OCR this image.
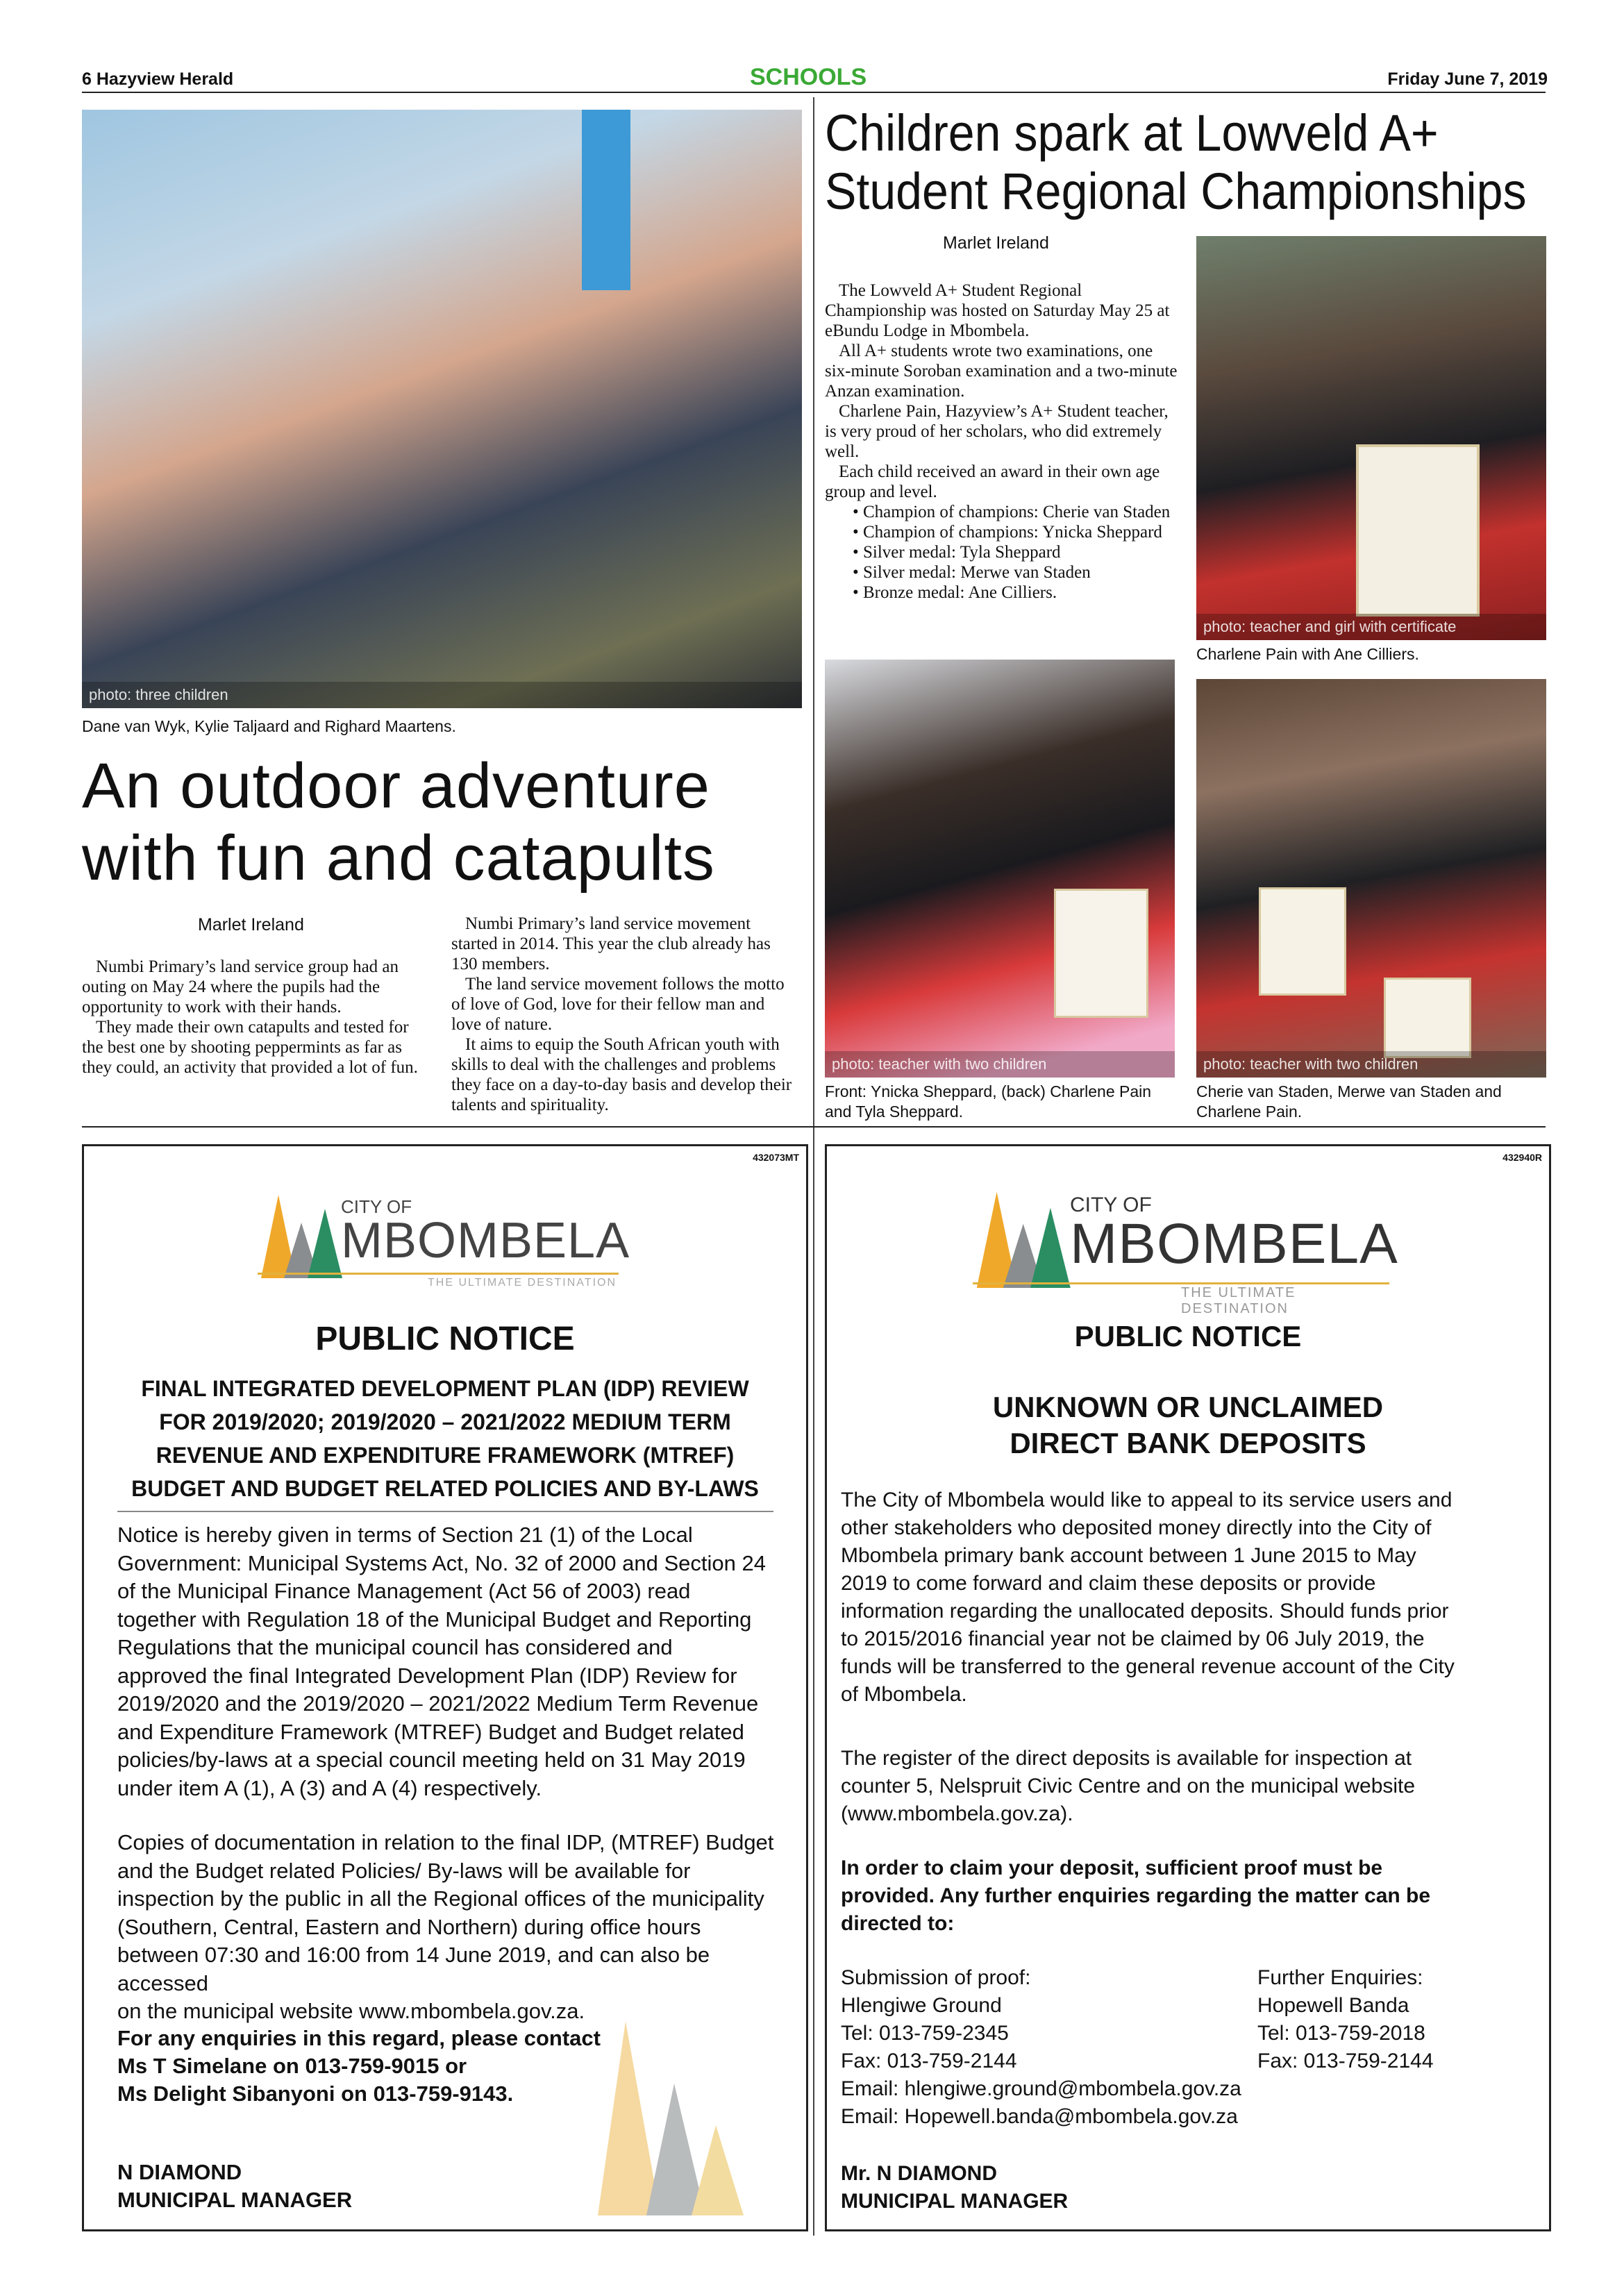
6 Hazyview Herald	SCHOOLS	Friday June 7, 2019
photo: three children
Dane van Wyk, Kylie Taljaard and Righard Maartens.
An outdoor adventure
with fun and catapults
Marlet Ireland

Numbi Primary’s land service group had an outing on May 24 where the pupils had the opportunity to work with their hands.

They made their own catapults and tested for the best one by shooting peppermints as far as they could, an activity that provided a lot of fun.

Numbi Primary’s land service movement started in 2014. This year the club already has 130 members.

The land service movement follows the motto of love of God, love for their fellow man and love of nature.

It aims to equip the South African youth with skills to deal with the challenges and problems they face on a day-to-day basis and develop their talents and spirituality.

Children spark at Lowveld A+
Student Regional Championships
Marlet Ireland

The Lowveld A+ Student Regional Championship was hosted on Saturday May 25 at eBundu Lodge in Mbombela.

All A+ students wrote two examinations, one six-minute Soroban examination and a two-minute Anzan examination.

Charlene Pain, Hazyview’s A+ Student teacher, is very proud of her scholars, who did extremely well.

Each child received an award in their own age group and level.

• Champion of champions: Cherie van Staden

• Champion of champions: Ynicka Sheppard

• Silver medal: Tyla Sheppard

• Silver medal: Merwe van Staden

• Bronze medal: Ane Cilliers.

photo: teacher and girl with certificate
Charlene Pain with Ane Cilliers.
photo: teacher with two children
Front: Ynicka Sheppard, (back) Charlene Pain and Tyla Sheppard.
photo: teacher with two children
Cherie van Staden, Merwe van Staden and Charlene Pain.
432073MT
CITY OF
MBOMBELA
THE ULTIMATE DESTINATION
PUBLIC NOTICE
FINAL INTEGRATED DEVELOPMENT PLAN (IDP) REVIEW
FOR 2019/2020; 2019/2020 – 2021/2022 MEDIUM TERM
REVENUE AND EXPENDITURE FRAMEWORK (MTREF)
BUDGET AND BUDGET RELATED POLICIES AND BY-LAWS
Notice is hereby given in terms of Section 21 (1) of the Local
Government: Municipal Systems Act, No. 32 of 2000 and Section 24
of the Municipal Finance Management (Act 56 of 2003) read
together with Regulation 18 of the Municipal Budget and Reporting
Regulations that the municipal council has considered and
approved the final Integrated Development Plan (IDP) Review for
2019/2020 and the 2019/2020 – 2021/2022 Medium Term Revenue
and Expenditure Framework (MTREF) Budget and Budget related
policies/by-laws at a special council meeting held on 31 May 2019
under item A (1), A (3) and A (4) respectively.
Copies of documentation in relation to the final IDP, (MTREF) Budget
and the Budget related Policies/ By-laws will be available for
inspection by the public in all the Regional offices of the municipality
(Southern, Central, Eastern and Northern) during office hours
between 07:30 and 16:00 from 14 June 2019, and can also be accessed
on the municipal website www.mbombela.gov.za.
For any enquiries in this regard, please contact
Ms T Simelane on 013-759-9015 or
Ms Delight Sibanyoni on 013-759-9143.
N DIAMOND
MUNICIPAL MANAGER
432940R
CITY OF
MBOMBELA
THE ULTIMATE DESTINATION
PUBLIC NOTICE
UNKNOWN OR UNCLAIMED
DIRECT BANK DEPOSITS
The City of Mbombela would like to appeal to its service users and
other stakeholders who deposited money directly into the City of
Mbombela primary bank account between 1 June 2015 to May
2019 to come forward and claim these deposits or provide
information regarding the unallocated deposits. Should funds prior
to 2015/2016 financial year not be claimed by 06 July 2019, the
funds will be transferred to the general revenue account of the City
of Mbombela.
The register of the direct deposits is available for inspection at
counter 5, Nelspruit Civic Centre and on the municipal website
(www.mbombela.gov.za).
In order to claim your deposit, sufficient proof must be
provided. Any further enquiries regarding the matter can be
directed to:
Submission of proof:
Hlengiwe Ground
Tel: 013-759-2345
Fax: 013-759-2144
Further Enquiries:
Hopewell Banda
Tel: 013-759-2018
Fax: 013-759-2144
Email: hlengiwe.ground@mbombela.gov.za
Email: Hopewell.banda@mbombela.gov.za
Mr. N DIAMOND
MUNICIPAL MANAGER
